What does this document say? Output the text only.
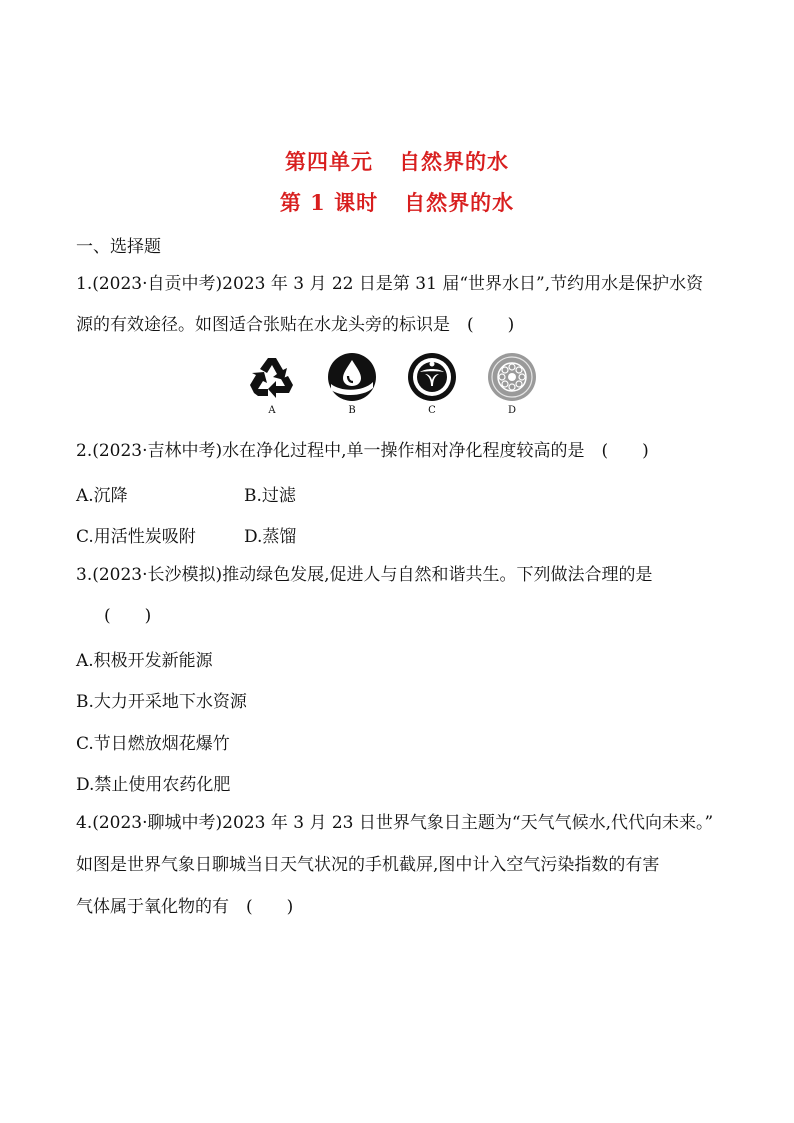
第四单元 自然界的水
第 1 课时 自然界的水
一、选择题
1.(2023·自贡中考)2023 年 3 月 22 日是第 31 届“世界水日”,节约用水是保护水资
源的有效途径。如图适合张贴在水龙头旁的标识是　(　　)
A	B	C	D
2.(2023·吉林中考)水在净化过程中,单一操作相对净化程度较高的是　(　　)
A.沉降	B.过滤
C.用活性炭吸附	D.蒸馏
3.(2023·长沙模拟)推动绿色发展,促进人与自然和谐共生。下列做法合理的是
(　　)
A.积极开发新能源
B.大力开采地下水资源
C.节日燃放烟花爆竹
D.禁止使用农药化肥
4.(2023·聊城中考)2023 年 3 月 23 日世界气象日主题为“天气气候水,代代向未来。”
如图是世界气象日聊城当日天气状况的手机截屏,图中计入空气污染指数的有害
气体属于氧化物的有　(　　)
